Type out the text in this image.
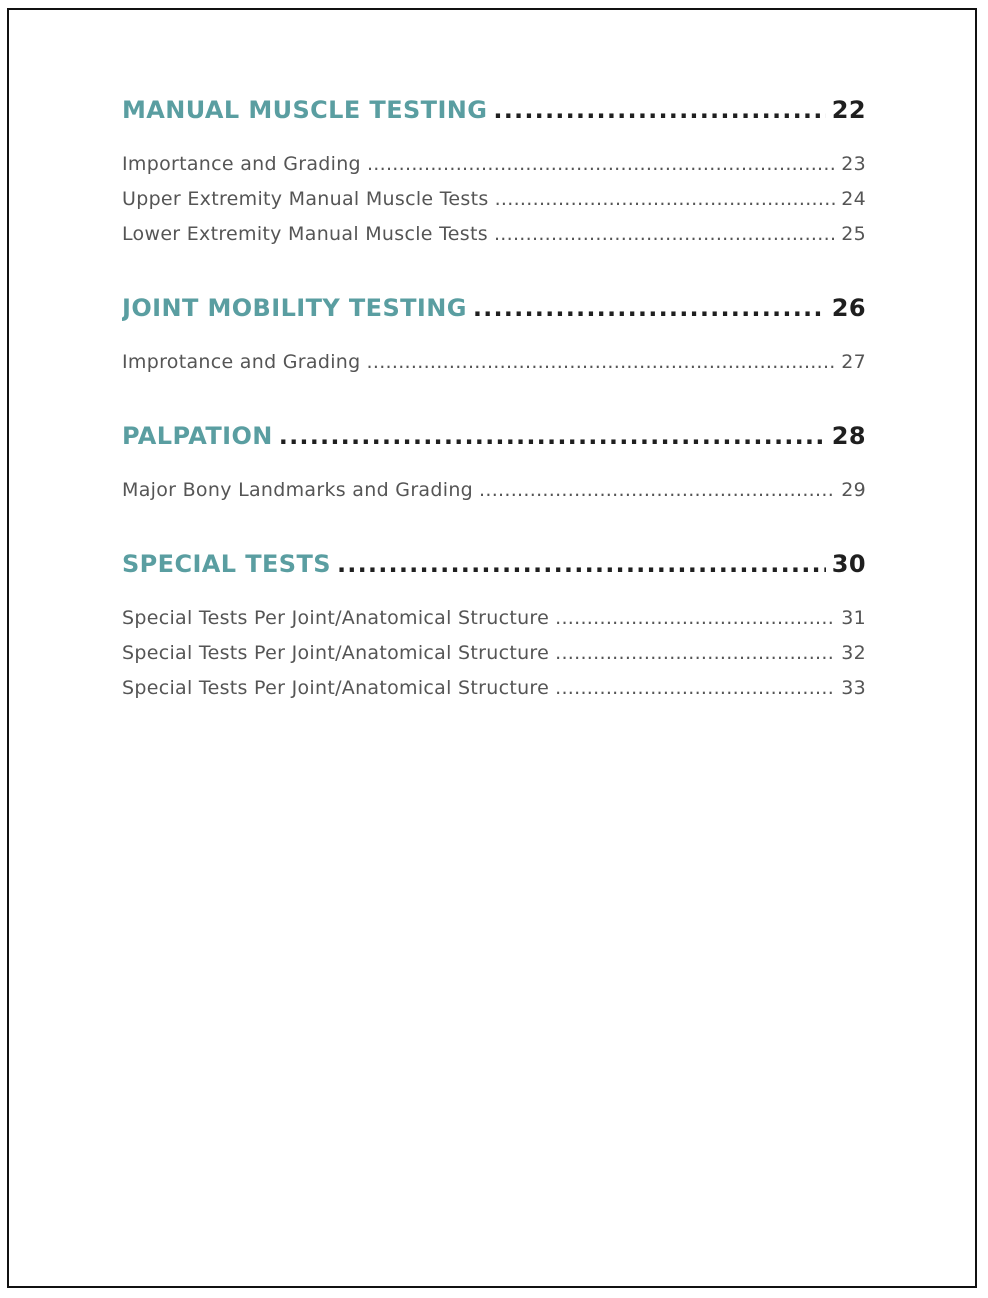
MANUAL MUSCLE TESTING .....	22
Importance and Grading .....	23
Upper Extremity Manual Muscle Tests .....	24
Lower Extremity Manual Muscle Tests .....	25
JOINT MOBILITY TESTING .....	26
Improtance and Grading .....	27
PALPATION .....	28
Major Bony Landmarks and Grading .....	29
SPECIAL TESTS .....	30
Special Tests Per Joint/Anatomical Structure .....	31
Special Tests Per Joint/Anatomical Structure .....	32
Special Tests Per Joint/Anatomical Structure .....	33
